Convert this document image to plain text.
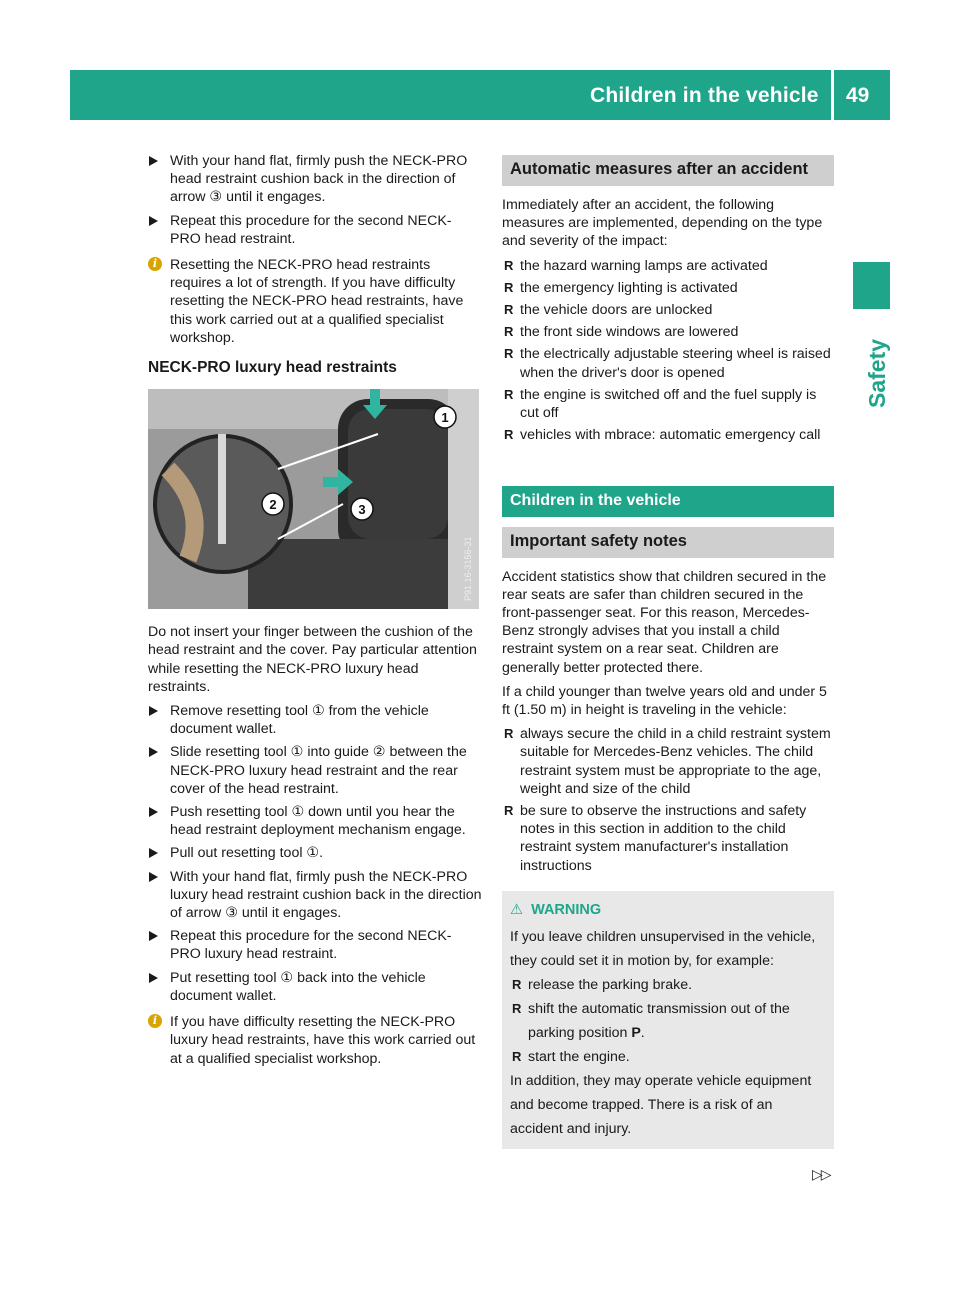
Children in the vehicle 49
Safety
With your hand flat, firmly push the NECK-PRO head restraint cushion back in the direction of arrow ③ until it engages.
Repeat this procedure for the second NECK-PRO head restraint.
i Resetting the NECK-PRO head restraints requires a lot of strength. If you have difficulty resetting the NECK-PRO head restraints, have this work carried out at a qualified specialist workshop.
NECK-PRO luxury head restraints
1
2	3
P91.16-3156-31
Do not insert your finger between the cushion of the head restraint and the cover. Pay particular attention while resetting the NECK-PRO luxury head restraints.
Remove resetting tool ① from the vehicle document wallet.
Slide resetting tool ① into guide ② between the NECK-PRO luxury head restraint and the rear cover of the head restraint.
Push resetting tool ① down until you hear the head restraint deployment mechanism engage.
Pull out resetting tool ①.
With your hand flat, firmly push the NECK-PRO luxury head restraint cushion back in the direction of arrow ③ until it engages.
Repeat this procedure for the second NECK-PRO luxury head restraint.
Put resetting tool ① back into the vehicle document wallet.
i If you have difficulty resetting the NECK-PRO luxury head restraints, have this work carried out at a qualified specialist workshop.
Automatic measures after an accident
Immediately after an accident, the following measures are implemented, depending on the type and severity of the impact:
R the hazard warning lamps are activated
R the emergency lighting is activated
R the vehicle doors are unlocked
R the front side windows are lowered
R the electrically adjustable steering wheel is raised when the driver's door is opened
R the engine is switched off and the fuel supply is cut off
R vehicles with mbrace: automatic emergency call
Children in the vehicle
Important safety notes
Accident statistics show that children secured in the rear seats are safer than children secured in the front-passenger seat. For this reason, Mercedes-Benz strongly advises that you install a child restraint system on a rear seat. Children are generally better protected there.
If a child younger than twelve years old and under 5 ft (1.50 m) in height is traveling in the vehicle:
R always secure the child in a child restraint system suitable for Mercedes-Benz vehicles. The child restraint system must be appropriate to the age, weight and size of the child
R be sure to observe the instructions and safety notes in this section in addition to the child restraint system manufacturer's installation instructions
⚠ WARNING
If you leave children unsupervised in the vehicle, they could set it in motion by, for example:
R release the parking brake.
R shift the automatic transmission out of the parking position P.
R start the engine.
In addition, they may operate vehicle equipment and become trapped. There is a risk of an accident and injury.
▷▷
